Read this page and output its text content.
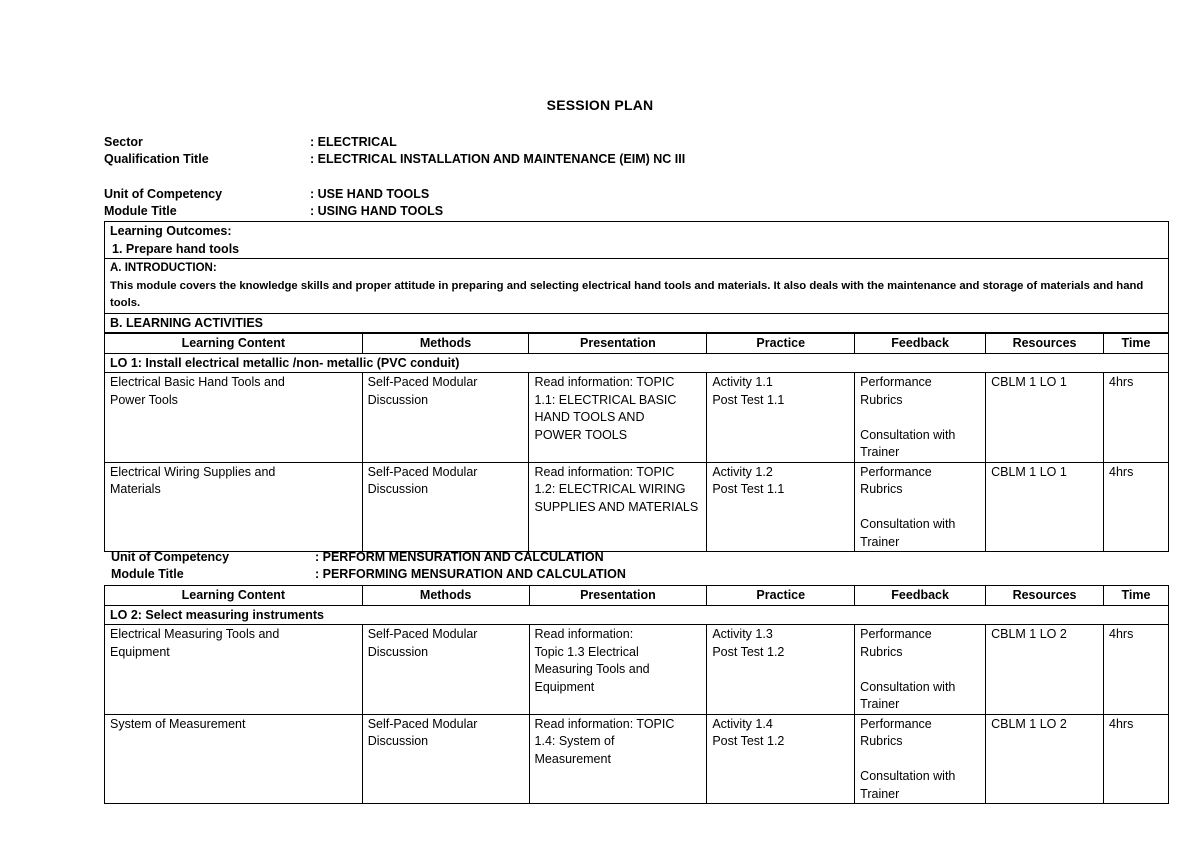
SESSION PLAN
Sector	: ELECTRICAL
Qualification Title	: ELECTRICAL INSTALLATION AND MAINTENANCE (EIM) NC III
Unit of Competency	: USE HAND TOOLS
Module Title	: USING HAND TOOLS
Learning Outcomes:
1. Prepare hand tools						

A. INTRODUCTION:
This module covers the knowledge skills and proper attitude in preparing and selecting electrical hand tools and materials. It also deals with the maintenance and storage of materials and hand tools.						

B. LEARNING ACTIVITIES						

Learning Content	Methods	Presentation	Practice	Feedback	Resources	Time
LO 1: Install electrical metallic /non- metallic (PVC conduit)						

Electrical Basic Hand Tools and
Power Tools	Self-Paced Modular
Discussion	Read information: TOPIC
1.1: ELECTRICAL BASIC
HAND TOOLS AND
POWER TOOLS	Activity 1.1
Post Test 1.1	Performance
Rubrics

Consultation with
Trainer	CBLM 1 LO 1	4hrs

Electrical Wiring Supplies and
Materials	Self-Paced Modular
Discussion	Read information: TOPIC
1.2: ELECTRICAL WIRING
SUPPLIES AND MATERIALS	Activity 1.2
Post Test 1.1	Performance
Rubrics

Consultation with
Trainer	CBLM 1 LO 1	4hrs
Unit of Competency	: PERFORM MENSURATION AND CALCULATION
Module Title	: PERFORMING MENSURATION AND CALCULATION
Learning Content	Methods	Presentation	Practice	Feedback	Resources	Time
LO 2: Select measuring instruments						

Electrical Measuring Tools and
Equipment	Self-Paced Modular
Discussion	Read information:
Topic 1.3 Electrical
Measuring Tools and
Equipment	Activity 1.3
Post Test 1.2	Performance
Rubrics

Consultation with
Trainer	CBLM 1 LO 2	4hrs

System of Measurement	Self-Paced Modular
Discussion	Read information: TOPIC
1.4: System of
Measurement	Activity 1.4
Post Test 1.2	Performance
Rubrics

Consultation with
Trainer	CBLM 1 LO 2	4hrs
